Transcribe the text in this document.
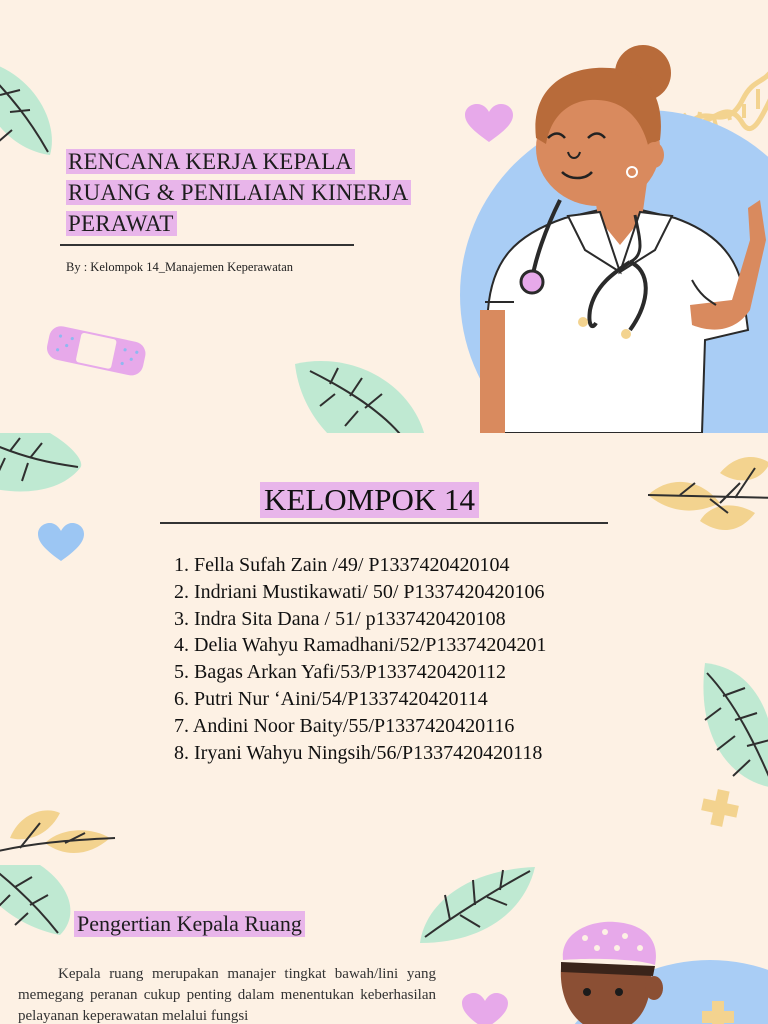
RENCANA KERJA KEPALA
RUANG & PENILAIAN KINERJA
PERAWAT
By : Kelompok 14_Manajemen Keperawatan
KELOMPOK 14
1. Fella Sufah Zain /49/ P1337420420104
2. Indriani Mustikawati/ 50/ P1337420420106
3. Indra Sita Dana / 51/ p1337420420108
4. Delia Wahyu Ramadhani/52/P13374204201
5. Bagas Arkan Yafi/53/P1337420420112
6. Putri Nur ‘Aini/54/P1337420420114
7. Andini Noor Baity/55/P1337420420116
8. Iryani Wahyu Ningsih/56/P1337420420118
Pengertian Kepala Ruang

Kepala ruang merupakan manajer tingkat bawah/lini yang memegang peranan cukup penting dalam menentukan keberhasilan pelayanan keperawatan melalui fungsi
